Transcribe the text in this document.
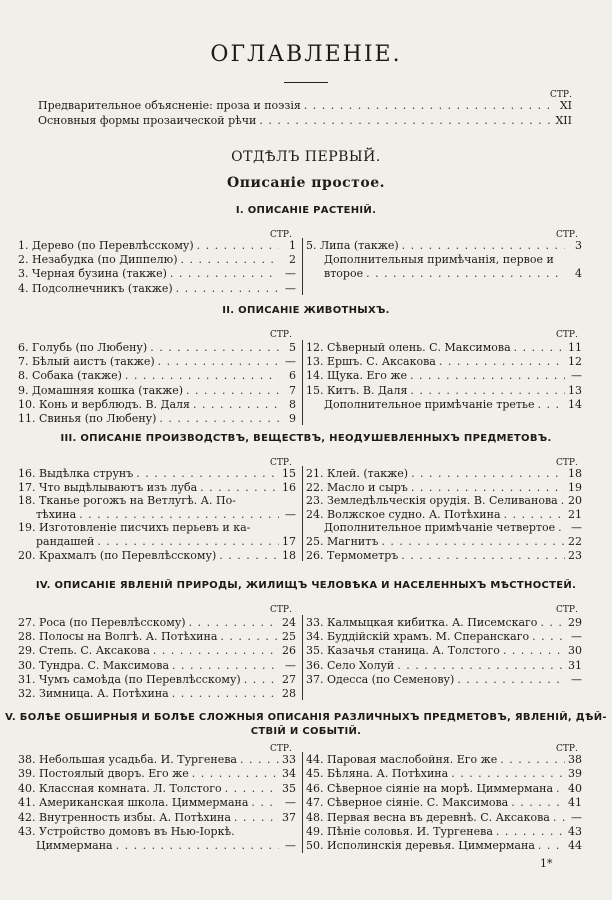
ОГЛАВЛЕНІЕ.
СТР.
Предварительное объясненіе: проза и поэзія . . .	XI
Основныя формы прозаической рѣчи . . .	XII
ОТДѢЛЪ ПЕРВЫЙ.
Описаніе простое.
I. ОПИСАНІЕ РАСТЕНІЙ.
СТР.	СТР.
1. Дерево (по Перевлѣсскому) . . .	1
2. Незабудка (по Диппелю) . . .	2
3. Черная бузина (также) . . .	—
4. Подсолнечникъ (также) . . .	—
5. Липа (также) . . .	3
Дополнительныя примѣчанія, первое и
второе . . .	4
II. ОПИСАНІЕ ЖИВОТНЫХЪ.
СТР.	СТР.
6. Голубь (по Любену) . . .	5
7. Бѣлый аистъ (также) . . .	—
8. Собака (также) . . .	6
9. Домашняя кошка (также) . . .	7
10. Конь и верблюдъ. В. Даля . . .	8
11. Свинья (по Любену) . . .	9
12. Сѣверный олень. С. Максимова . . .	11
13. Ершъ. С. Аксакова . . .	12
14. Щука. Его же . . .	—
15. Китъ. В. Даля . . .	13
Дополнительное примѣчаніе третье . . .	14
III. ОПИСАНІЕ ПРОИЗВОДСТВЪ, ВЕЩЕСТВЪ, НЕОДУШЕВЛЕННЫХЪ ПРЕДМЕТОВЪ.
СТР.	СТР.
16. Выдѣлка струнъ . . .	15
17. Что выдѣлываютъ изъ луба . . .	16
18. Тканье рогожъ на Ветлугѣ. А. По-
тѣхина . . .	—
19. Изготовленіе писчихъ перьевъ и ка-
рандашей . . .	17
20. Крахмалъ (по Перевлѣсскому) . . .	18
21. Клей. (также) . . .	18
22. Масло и сыръ . . .	19
23. Земледѣльческія орудія. В. Селиванова . . . 20
24. Волжское судно. А. Потѣхина . . .	21
Дополнительное примѣчаніе четвертое . . . —
25. Магнитъ . . .	22
26. Термометръ . . .	23
IV. ОПИСАНІЕ ЯВЛЕНІЙ ПРИРОДЫ, ЖИЛИЩЪ ЧЕЛОВѢКА И НАСЕЛЕННЫХЪ МѢСТНОСТЕЙ.
СТР.	СТР.
27. Роса (по Перевлѣсскому) . . .	24
28. Полосы на Волгѣ. А. Потѣхина . . .	25
29. Степь. С. Аксакова . . .	26
30. Тундра. С. Максимова . . .	—
31. Чумъ самоѣда (по Перевлѣсскому) . . .	27
32. Зимница. А. Потѣхина . . .	28
33. Калмыцкая кибитка. А. Писемскаго . . .	29
34. Буддійскій храмъ. М. Сперанскаго . . .	—
35. Казачья станица. А. Толстого . . .	30
36. Село Холуй . . .	31
37. Одесса (по Семенову) . . .	—
V. БОЛѢЕ ОБШИРНЫЯ И БОЛѢЕ СЛОЖНЫЯ ОПИСАНІЯ РАЗЛИЧНЫХЪ ПРЕДМЕТОВЪ, ЯВЛЕНІЙ, ДѢЙ-
СТВІЙ И СОБЫТІЙ.
СТР.	СТР.
38. Небольшая усадьба. И. Тургенева . . .	33
39. Постоялый дворъ. Его же . . .	34
40. Классная комната. Л. Толстого . . .	35
41. Американская школа. Циммермана . . .	—
42. Внутренность избы. А. Потѣхина . . .	37
43. Устройство домовъ въ Нью-Іоркѣ.
Циммермана . . .	—
44. Паровая маслобойня. Его же . . .	38
45. Бѣляна. А. Потѣхина . . .	39
46. Сѣверное сіяніе на морѣ. Циммермана . . . 40
47. Сѣверное сіяніе. С. Максимова . . .	41
48. Первая весна въ деревнѣ. С. Аксакова . . . —
49. Пѣніе соловья. И. Тургенева . . .	43
50. Исполинскія деревья. Циммермана . . .	44
1*
